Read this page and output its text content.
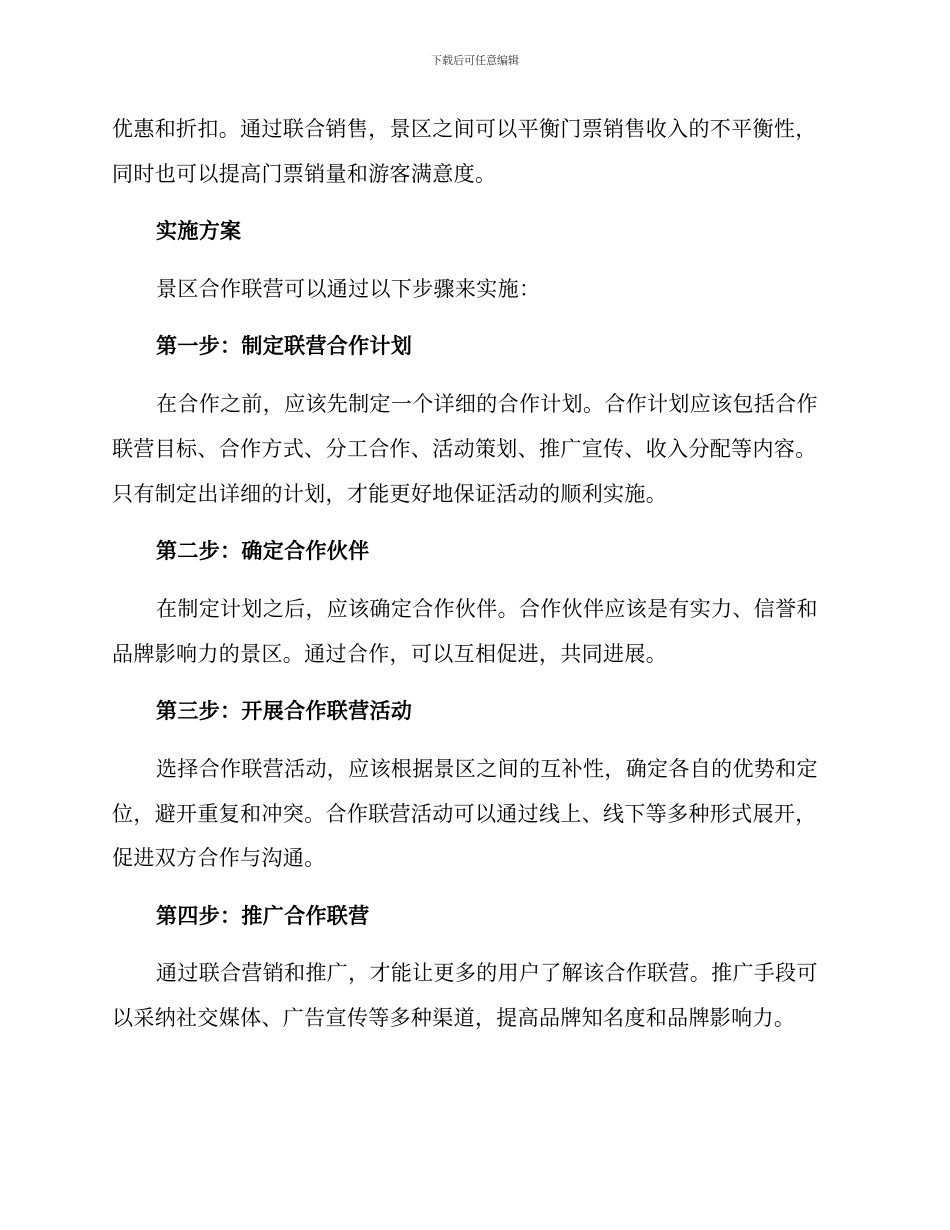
下载后可任意编辑
优惠和折扣。通过联合销售，景区之间可以平衡门票销售收入的不平衡性，
同时也可以提高门票销量和游客满意度。
实施方案
景区合作联营可以通过以下步骤来实施：
第一步：制定联营合作计划
在合作之前，应该先制定一个详细的合作计划。合作计划应该包括合作
联营目标、合作方式、分工合作、活动策划、推广宣传、收入分配等内容。
只有制定出详细的计划，才能更好地保证活动的顺利实施。
第二步：确定合作伙伴
在制定计划之后，应该确定合作伙伴。合作伙伴应该是有实力、信誉和
品牌影响力的景区。通过合作，可以互相促进，共同进展。
第三步：开展合作联营活动
选择合作联营活动，应该根据景区之间的互补性，确定各自的优势和定
位，避开重复和冲突。合作联营活动可以通过线上、线下等多种形式展开，
促进双方合作与沟通。
第四步：推广合作联营
通过联合营销和推广，才能让更多的用户了解该合作联营。推广手段可
以采纳社交媒体、广告宣传等多种渠道，提高品牌知名度和品牌影响力。
